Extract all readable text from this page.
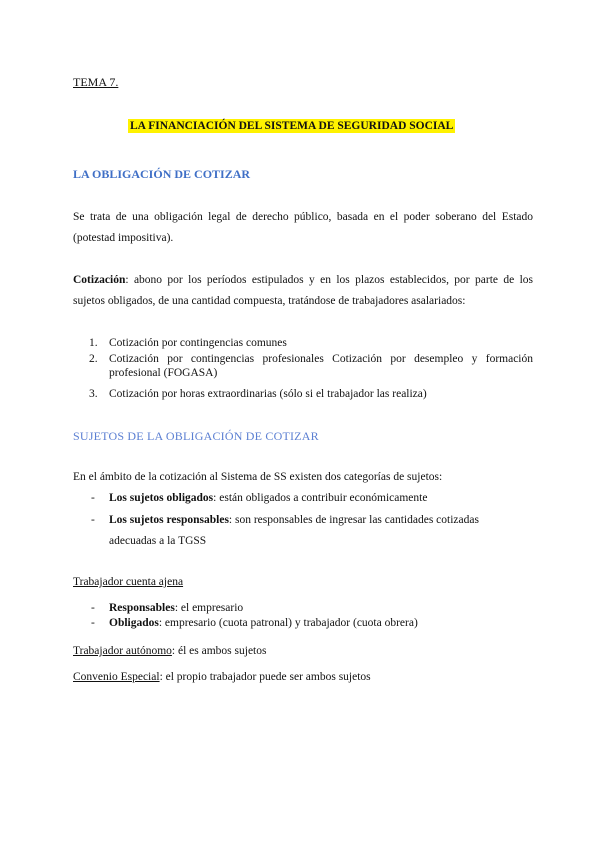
TEMA 7.
LA FINANCIACIÓN DEL SISTEMA DE SEGURIDAD SOCIAL
LA OBLIGACIÓN DE COTIZAR
Se trata de una obligación legal de derecho público, basada en el poder soberano del Estado
(potestad impositiva).
Cotización: abono por los períodos estipulados y en los plazos establecidos, por parte de los
sujetos obligados, de una cantidad compuesta, tratándose de trabajadores asalariados:
1. Cotización por contingencias comunes
2. Cotización por contingencias profesionales Cotización por desempleo y formación
profesional (FOGASA)
3. Cotización por horas extraordinarias (sólo si el trabajador las realiza)
SUJETOS DE LA OBLIGACIÓN DE COTIZAR
En el ámbito de la cotización al Sistema de SS existen dos categorías de sujetos:
- Los sujetos obligados: están obligados a contribuir económicamente
- Los sujetos responsables: son responsables de ingresar las cantidades cotizadas
adecuadas a la TGSS
Trabajador cuenta ajena
- Responsables: el empresario
- Obligados: empresario (cuota patronal) y trabajador (cuota obrera)
Trabajador autónomo: él es ambos sujetos
Convenio Especial: el propio trabajador puede ser ambos sujetos
